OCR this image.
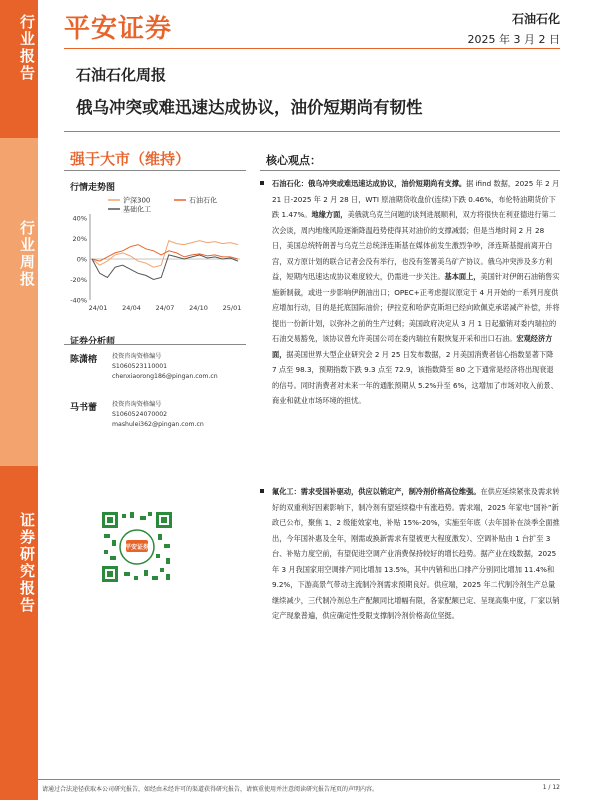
行业报告
行业周报
证券研究报告
平安证券	石油石化
2025 年 3 月 2 日
石油石化周报
俄乌冲突或难迅速达成协议，油价短期尚有韧性
强于大市（维持）
行情走势图
40%
20%
0%
-20%
-40%
24/01 24/04 24/07 24/10 25/01
沪深300	石油石化
基础化工
证券分析师
陈潇榕	投资咨询资格编号
S1060523110001
chenxiaorong186@pingan.com.cn
马书蕾	投资咨询资格编号
S1060524070002
mashulei362@pingan.com.cn
平安证券
核心观点：
石油石化：俄乌冲突或难迅速达成协议，油价短期尚有支撑。据 ifind 数据，2025 年 2 月 21 日-2025 年 2 月 28 日，WTI 原油期货收盘价(连续)下跌 0.46%，布伦特油期货价下跌 1.47%。地缘方面，美俄就乌克兰问题的谈判进展顺利，双方将很快在利亚德进行第二次会谈，周内地缘风险逐渐降温趋势使得其对油价的支撑减弱；但是当地时间 2 月 28 日，美国总统特朗普与乌克兰总统泽连斯基在媒体前发生激烈争吵，泽连斯基提前离开白宫，双方原计划的联合记者会没有举行，也没有签署美乌矿产协议。俄乌冲突涉及多方利益，短期内迅速达成协议难度较大，仍需进一步关注。基本面上，美国针对伊朗石油销售实施新制裁，或进一步影响伊朗油出口；OPEC+正考虑提议原定于 4 月开始的一系列月度供应增加行动，目的是托底国际油价；伊拉克和哈萨克斯坦已经向欧佩克承诺减产补偿，并将提出一份新计划，以弥补之前的生产过剩；美国政府决定从 3 月 1 日起撤销对委内瑞拉的石油交易豁免，该协议曾允许美国公司在委内瑞拉有限恢复开采和出口石油。宏观经济方面，据美国世界大型企业研究会 2 月 25 日发布数据，2 月美国消费者信心指数显著下降 7 点至 98.3，预期指数下跌 9.3 点至 72.9，该指数降至 80 之下通常是经济将出现衰退的信号。同时消费者对未来一年的通胀预期从 5.2%升至 6%，这增加了市场对收入前景、商业和就业市场环境的担忧。
氟化工：需求受国补驱动，供应以销定产，制冷剂价格高位维强。在供应延续紧张及需求转好的双重利好因素影响下，制冷剂有望延续稳中有涨趋势。需求端，2025 年家电“国补”新政已公布，聚焦 1、2 级能效家电，补贴 15%-20%，实施至年底（去年国补在淡季全面推出，今年国补惠及全年，刚需或换新需求有望被更大程度激发）、空调补贴由 1 台扩至 3 台、补贴力度空前，有望促进空调产业消费保持较好的增长趋势。据产业在线数据，2025 年 3 月我国家用空调排产同比增加 13.5%，其中内销和出口排产分别同比增加 11.4%和 9.2%，下游高景气带动主流制冷剂需求预期良好。供应端，2025 年二代制冷剂生产总量继续减少，三代制冷剂总生产配额同比增幅有限，各家配额已定、呈现高集中度，厂家以销定产现象普遍，供应确定性受限支撑制冷剂价格高位坚挺。
请通过合法途径获取本公司研究报告，如经由未经许可的渠道获得研究报告，请慎重使用并注意阅读研究报告尾页的声明内容。	1 / 12
